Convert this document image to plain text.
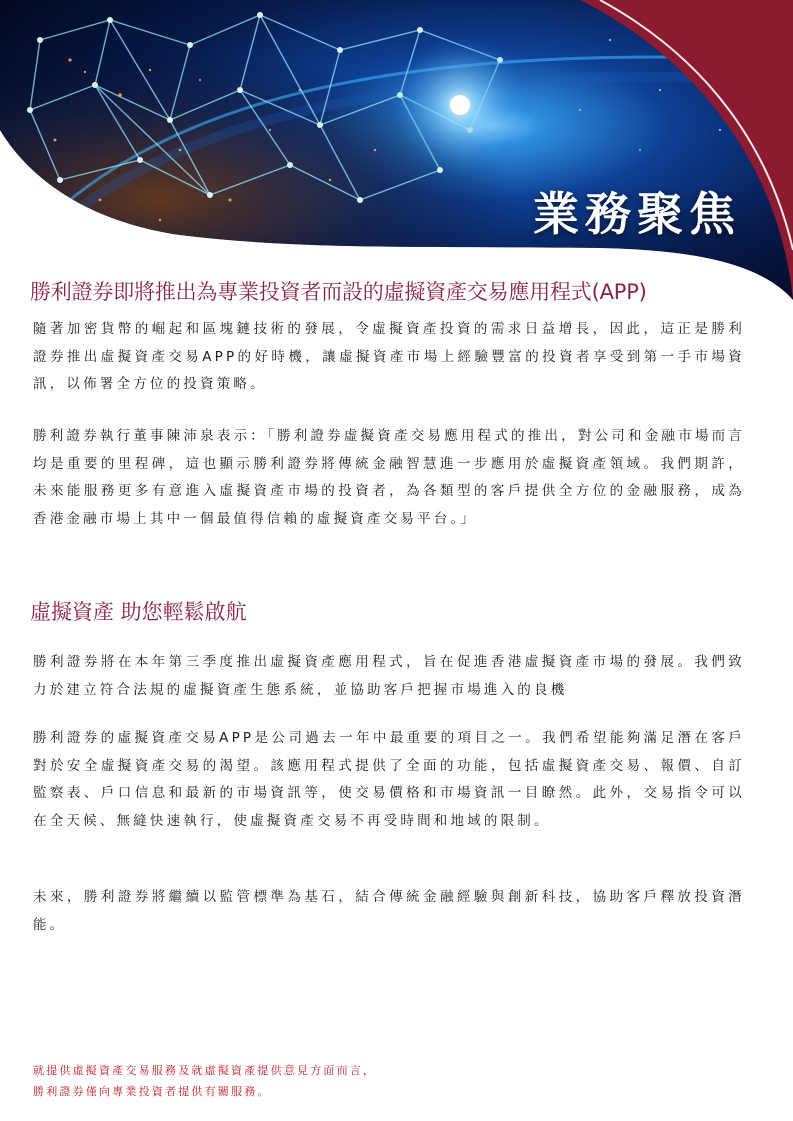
業務聚焦
勝利證券即將推出為專業投資者而設的虛擬資產交易應用程式(APP)
隨著加密貨幣的崛起和區塊鏈技術的發展，令虛擬資產投資的需求日益增長，因此，這正是勝利證券推出虛擬資產交易APP的好時機，讓虛擬資產市場上經驗豐富的投資者享受到第一手市場資訊，以佈署全方位的投資策略。
勝利證券執行董事陳沛泉表示：「勝利證券虛擬資產交易應用程式的推出，對公司和金融市場而言均是重要的里程碑，這也顯示勝利證券將傳統金融智慧進一步應用於虛擬資產領域。我們期許，未來能服務更多有意進入虛擬資產市場的投資者，為各類型的客戶提供全方位的金融服務，成為香港金融市場上其中一個最值得信賴的虛擬資產交易平台。」
虛擬資產 助您輕鬆啟航
勝利證券將在本年第三季度推出虛擬資產應用程式，旨在促進香港虛擬資產市場的發展。我們致力於建立符合法規的虛擬資產生態系統，並協助客戶把握市場進入的良機
勝利證券的虛擬資產交易APP是公司過去一年中最重要的項目之一。我們希望能夠滿足潛在客戶對於安全虛擬資產交易的渴望。該應用程式提供了全面的功能，包括虛擬資產交易、報價、自訂監察表、戶口信息和最新的市場資訊等，使交易價格和市場資訊一目瞭然。此外，交易指令可以在全天候、無縫快速執行，使虛擬資產交易不再受時間和地域的限制。
未來，勝利證券將繼續以監管標準為基石，結合傳統金融經驗與創新科技，協助客戶釋放投資潛能。
就提供虛擬資產交易服務及就虛擬資產提供意見方面而言，
勝利證券僅向專業投資者提供有關服務。
